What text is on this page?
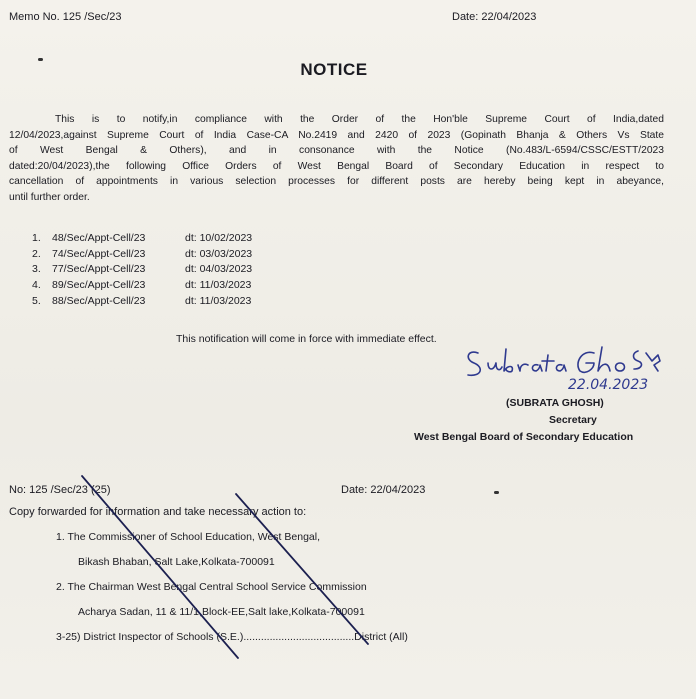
Memo No. 125 /Sec/23	Date: 22/04/2023
NOTICE
This is to notify,in compliance with the Order of the Hon'ble Supreme Court of India,dated
12/04/2023,against Supreme Court of India Case-CA No.2419 and 2420 of 2023 (Gopinath Bhanja & Others Vs State
of West Bengal & Others), and in consonance with the Notice (No.483/L-6594/CSSC/ESTT/2023
dated:20/04/2023),the following Office Orders of West Bengal Board of Secondary Education in respect to
cancellation of appointments in various selection processes for different posts are hereby being kept in abeyance,
until further order.
1.	48/Sec/Appt-Cell/23	dt: 10/02/2023
2.	74/Sec/Appt-Cell/23	dt: 03/03/2023
3.	77/Sec/Appt-Cell/23	dt: 04/03/2023
4.	89/Sec/Appt-Cell/23	dt: 11/03/2023
5.	88/Sec/Appt-Cell/23	dt: 11/03/2023
This notification will come in force with immediate effect.
22.04.2023
(SUBRATA GHOSH)
Secretary
West Bengal Board of Secondary Education
No: 125 /Sec/23 (25)	Date: 22/04/2023
Copy forwarded for information and take necessary action to:
1. The Commissioner of School Education, West Bengal,
Bikash Bhaban, Salt Lake,Kolkata-700091
2. The Chairman West Bengal Central School Service Commission
Acharya Sadan, 11 & 11/1,Block-EE,Salt lake,Kolkata-700091
3-25) District Inspector of Schools (S.E.)......................................District (All)
